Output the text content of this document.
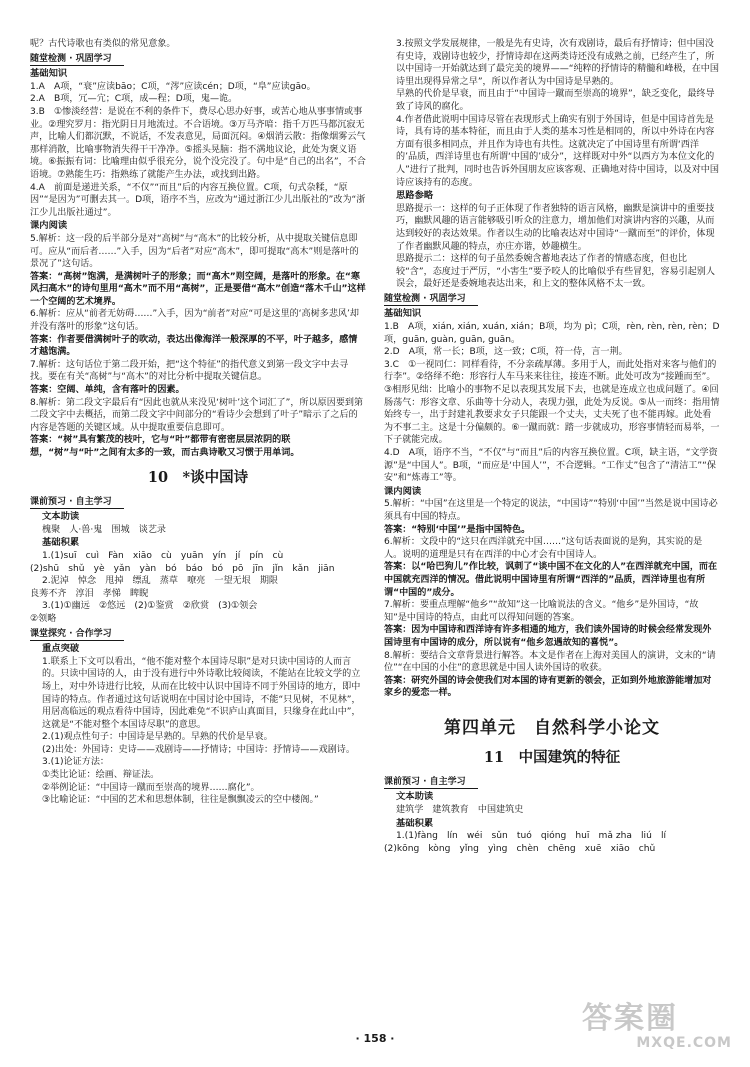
呢？古代诗歌也有类似的常见意象。

随堂检测 · 巩固学习
基础知识

1.A　A项，“衰”应读bāo；C项，“涔”应读cén；D项，“阜”应读gāo。

2.A　B项，冗—宂；C项，成—程；D项，鬼—诡。

3.B　①惨淡经营：是说在不利的条件下，费尽心思办好事，或苦心地从事事情或事业。②理究罗月：指光阴日月地流过。不合语境。③万马齐喑：指千万匹马都沉寂无声，比喻人们都沉默，不说话，不发表意见，局面沉闷。④烟消云散：指像烟雾云气那样消散，比喻事物消失得干干净净。⑤摇头晃脑：指不满地议论，此处为褒义语境。⑥振振有词：比喻理由似乎很充分，说个没完没了。句中是“自己的出名”，不合语境。⑦熟能生巧：指熟练了就能产生办法，或找到出路。

4.A　前面是递进关系，“不仅”“而且”后的内容互换位置。C项，句式杂糅，“原因”“是因为”可删去其一。D项，语序不当，应改为“通过浙江少儿出版社的”改为“浙江少儿出版社通过”。

课内阅读

5.解析：这一段的后半部分是对“高树”与“高木”的比较分析，从中提取关键信息即可。应从“而后者……”入手，因为“后者”对应“高木”，即可提取“高木”则是落叶的景况了”这句话。

答案：“高树”饱满，是满树叶子的形象；而“高木”则空阔，是落叶的形象。在“寒风扫高木”的诗句里用“高木”而不用“高树”，正是要借“高木”创造“落木千山”这样一个空阔的艺术境界。

6.解析：应从“前者无妨碍……”入手，因为“前者”对应“可是这里的‘高树多悲风’却并没有落叶的形象”这句话。

答案：作者要借满树叶子的吹动，表达出像海洋一般深厚的不平，叶子越多，感情才越饱满。

7.解析：这句话位于第二段开始，把“这个特征”的指代意义到第一段文字中去寻找。要在有关“高树”与“高木”的对比分析中提取关键信息。

答案：空阔、单纯，含有落叶的因素。

8.解析：第二段文字最后有“因此也就从来没见‘树叶’这个词汇了”，所以原因要到第二段文字中去概括，而第二段文字中间部分的“看诗少会想到了叶子”暗示了之后的内容是答题的关键区域。从中提取重要信息即可。

答案：“树”具有繁茂的枝叶，它与“叶”都带有密密层层浓阴的联想，“树”与“叶”之间有太多的一致，而古典诗歌又习惯于用单词。

10　*谈中国诗
课前预习 · 自主学习
文本助读

槐聚　人·兽·鬼　围城　谈艺录

基础积累

1.(1)suī　cuì　Fàn　xiāo　cù　yuān　yín　jí　pín　cù

(2)shū　shǔ　yè　yǎn　yàn　bó　báo　bó　pō　jīn　jǐn　kǎn　jiān

2.泥淖　悼念　甩掉　缥乱　蒸草　嘹亮　一望无垠　期限

良莠不齐　淳泪　孝悌　睥睨

3.(1)①幽远　②悠远　(2)①鉴赏　②欣赏　(3)①领会

②领略

课堂探究 · 合作学习
重点突破

1.联系上下文可以看出，“他不能对整个本国诗尽职”是对只读中国诗的人而言的。只读中国诗的人，由于没有进行中外诗歌比较阅读，不能站在比较文学的立场上，对中外诗进行比较，从而在比较中认识中国诗不同于外国诗的地方，即中国诗的特点。作者通过这句话说明在中国讨论中国诗，不能“只见树，不见林”，用居高临远的观点看待中国诗，因此难免“不识庐山真面目，只缘身在此山中”，这就是“不能对整个本国诗尽职”的意思。

2.(1)观点性句子：中国诗是早熟的。早熟的代价是早衰。

(2)出处：外国诗：史诗——戏剧诗——抒情诗；中国诗：抒情诗——戏剧诗。

3.(1)论证方法：

①类比论证：绘画、辩证法。

②举例论证：“中国诗一蹴而至崇高的境界……腐化”。

③比喻论证：“中国的艺术和思想体制，往往是飘飘凌云的空中楼阁。”

3.按照文学发展规律，一般是先有史诗，次有戏剧诗，最后有抒情诗；但中国没有史诗，戏剧诗也较少，抒情诗却在这两类诗还没有成熟之前，已经产生了，所以中国诗一开始就达到了最完美的境界——“纯粹的抒情诗的精髓和峰极，在中国诗里出现得异常之早”，所以作者认为中国诗是早熟的。

早熟的代价是早衰，而且由于“中国诗一蹴而至崇高的境界”，缺乏变化，最终导致了诗风的腐化。

4.作者借此说明中国诗尽管在表现形式上确实有别于外国诗，但是中国诗首先是诗，具有诗的基本特征，而且由于人类的基本习性是相同的，所以中外诗在内容方面有很多相同点，并且作为诗也有共性。这就决定了中国诗里有所谓‘西洋的’品质，西洋诗里也有所谓‘中国的’成分”，这样既对中外“以西方为本位文化的人”进行了批判，同时也告诉外国朋友应该客观、正确地对待中国诗，以及对中国诗应该持有的态度。

思路参略

思路提示一：这样的句子正体现了作者独特的语言风格，幽默是演讲中的重要技巧，幽默风趣的语言能够吸引听众的注意力，增加他们对演讲内容的兴趣，从而达到较好的表达效果。作者以生动的比喻表达对中国诗“一蹴而至”的评价，体现了作者幽默风趣的特点，亦庄亦谐，妙趣横生。

思路提示二：这样的句子虽然委婉含蓄地表达了作者的情感态度，但也比较“含”，态度过于严厉，“小害生”要予咬人的比喻似乎有些冒犯，容易引起别人误会，最好还是委婉地表达出来，和上文的整体风格不太一致。

随堂检测 · 巩固学习
基础知识

1.B　A项，xián, xián, xuán, xián；B项，均为 pì；C项，rèn, rèn, rèn, rèn；D项，guān, guàn, guān, guān。

2.D　A项，常一长；B项，这一致；C项，符一侍，言一荆。

3.C　①一视同仁：同样看待，不分亲疏厚薄。多用于人，而此处指对来客与他们的行李”。②络绎不绝：形容行人车马来来往往，接连不断。此处可改为“接踵而至”。③相形见绌：比喻小的事物不足以表现其发展下去，也就是连成立也成问题了。④回肠荡气：形容文章、乐曲等十分动人，表现力强，此处为反说。⑤从一而终：指用情始终专一，出于封建礼教要求女子只能跟一个丈夫，丈夫死了也不能再嫁。此处看为不事二主。这是十分偏颇的。⑥一蹴而就：踏一步就成功，形容事情轻而易举，一下子就能完成。

4.D　A项，语序不当，“不仅”与“而且”后的内容互换位置。C项，缺主语，“文学资源”是“中国人”。B项，“而应是‘中国人’”，不合逻辑。“工作丈”包含了“清洁工”“保安”和“炼毒工”等。

课内阅读

5.解析：“中国”在这里是一个特定的说法，“中国诗”“特别‘中国’”当然是说中国诗必须具有中国的特点。

答案：“特别‘中国’”是指中国特色。

6.解析：文段中的“这只在西洋就充中国……”这句话表面说的是狗，其实说的是人。说明的道理是只有在西洋的中心才会有中国诗人。

答案：以“哈巴狗儿”作比较，讽刺了“谈中国不在文化的人”在西洋就充中国，而在中国就充西洋的情况。借此说明中国诗里有所谓“西洋的”品质，西洋诗里也有所谓“中国的”成分。

7.解析：要重点理解“他乡”“故知”这一比喻说法的含义。“他乡”是外国诗，“故知”是中国诗的特点，由此可以得知问题的答案。

答案：因为中国诗和西洋诗有许多相通的地方，我们读外国诗的时候会经常发现外国诗里有中国诗的成分，所以说有“他乡忽遇故知的喜悦”。

8.解析：要结合文章背景进行解答。本文是作者在上海对美国人的演讲，文末的“请位”“在中国的小住”的意思就是中国人读外国诗的收获。

答案：研究外国的诗会使我们对本国的诗有更新的领会，正如到外地旅游能增加对家乡的爱恋一样。

第四单元　自然科学小论文
11　中国建筑的特征
课前预习 · 自主学习
文本助读

建筑学　建筑教育　中国建筑史

基础积累

1.(1)fàng　lín　wéi　sǔn　tuó　qióng　huī　mǎ zha　liú　lí

(2)kōng　kòng　yǐng　yìng　chèn　chēng　xuē　xiāo　chǔ

· 158 ·
答案圈
MXQE.COM
